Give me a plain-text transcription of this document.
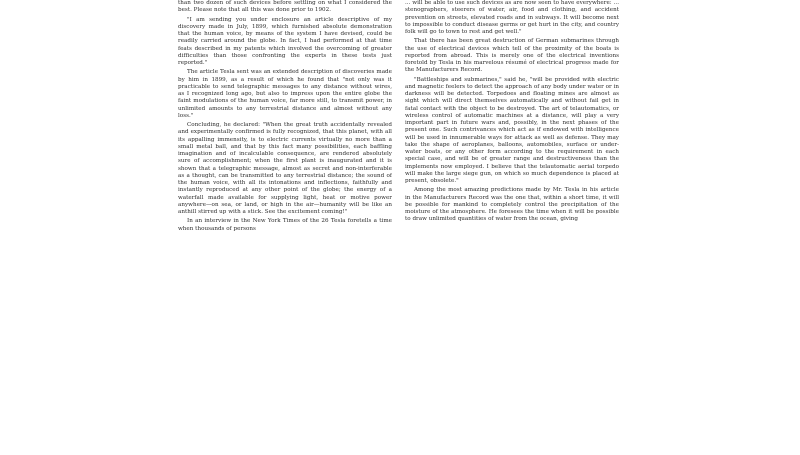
than two dozen of such devices before settling on what I considered the best. Please note that all this was done prior to 1902.

"I am sending you under enclosure an article descriptive of my discovery made in July, 1899, which furnished absolute demonstration that the human voice, by means of the system I have devised, could be readily carried around the globe. In fact, I had performed at that time feats described in my patents which involved the overcoming of greater difficulties than those confronting the experts in these tests just reported."

The article Tesla sent was an extended description of discoveries made by him in 1899, as a result of which he found that "not only was it practicable to send telegraphic messages to any distance without wires, as I recognized long ago, but also to impress upon the entire globe the faint modulations of the human voice, far more still, to transmit power, in unlimited amounts to any terrestrial distance and almost without any loss."

Concluding, he declared: "When the great truth accidentally revealed and experimentally confirmed is fully recognized, that this planet, with all its appalling immensity, is to electric currents virtually no more than a small metal ball, and that by this fact many possibilities, each baffling imagination and of incalculable consequence, are rendered absolutely sure of accomplishment; when the first plant is inaugurated and it is shown that a telegraphic message, almost as secret and non-interferable as a thought, can be transmitted to any terrestrial distance; the sound of the human voice, with all its intonations and inflections, faithfully and instantly reproduced at any other point of the globe; the energy of a waterfall made available for supplying light, heat or motive power anywhere—on sea, or land, or high in the air—humanity will be like an anthill stirred up with a stick. See the excitement coming!"

In an interview in the New York Times of the 26 Tesla foretells a time when thousands of persons

... will be able to use such devices as are now seen to have everywhere: ... stenographers, steerers of water, air, food and clothing, and accident prevention on streets, elevated roads and in subways. It will become next to impossible to conduct disease germs or get hurt in the city, and country folk will go to town to rest and get well."

That there has been great destruction of German submarines through the use of electrical devices which tell of the proximity of the boats is reported from abroad. This is merely one of the electrical inventions foretold by Tesla in his marvelous résumé of electrical progress made for the Manufacturers Record.

"Battleships and submarines," said he, "will be provided with electric and magnetic feelers to detect the approach of any body under water or in darkness will be detected. Torpedoes and floating mines are almost as sight which will direct themselves automatically and without fail get in fatal contact with the object to be destroyed. The art of telautomatics, or wireless control of automatic machines at a distance, will play a very important part in future wars and, possibly, in the next phases of the present one. Such contrivances which act as if endowed with intelligence will be used in innumerable ways for attack as well as defense. They may take the shape of aeroplanes, balloons, automobiles, surface or under-water boats, or any other form according to the requirement in each special case, and will be of greater range and destructiveness than the implements now employed. I believe that the telautomatic aerial torpedo will make the large siege gun, on which so much dependence is placed at present, obsolete."

Among the most amazing predictions made by Mr. Tesla in his article in the Manufacturers Record was the one that, within a short time, it will be possible for mankind to completely control the precipitation of the moisture of the atmosphere. He foresees the time when it will be possible to draw unlimited quantities of water from the ocean, giving
